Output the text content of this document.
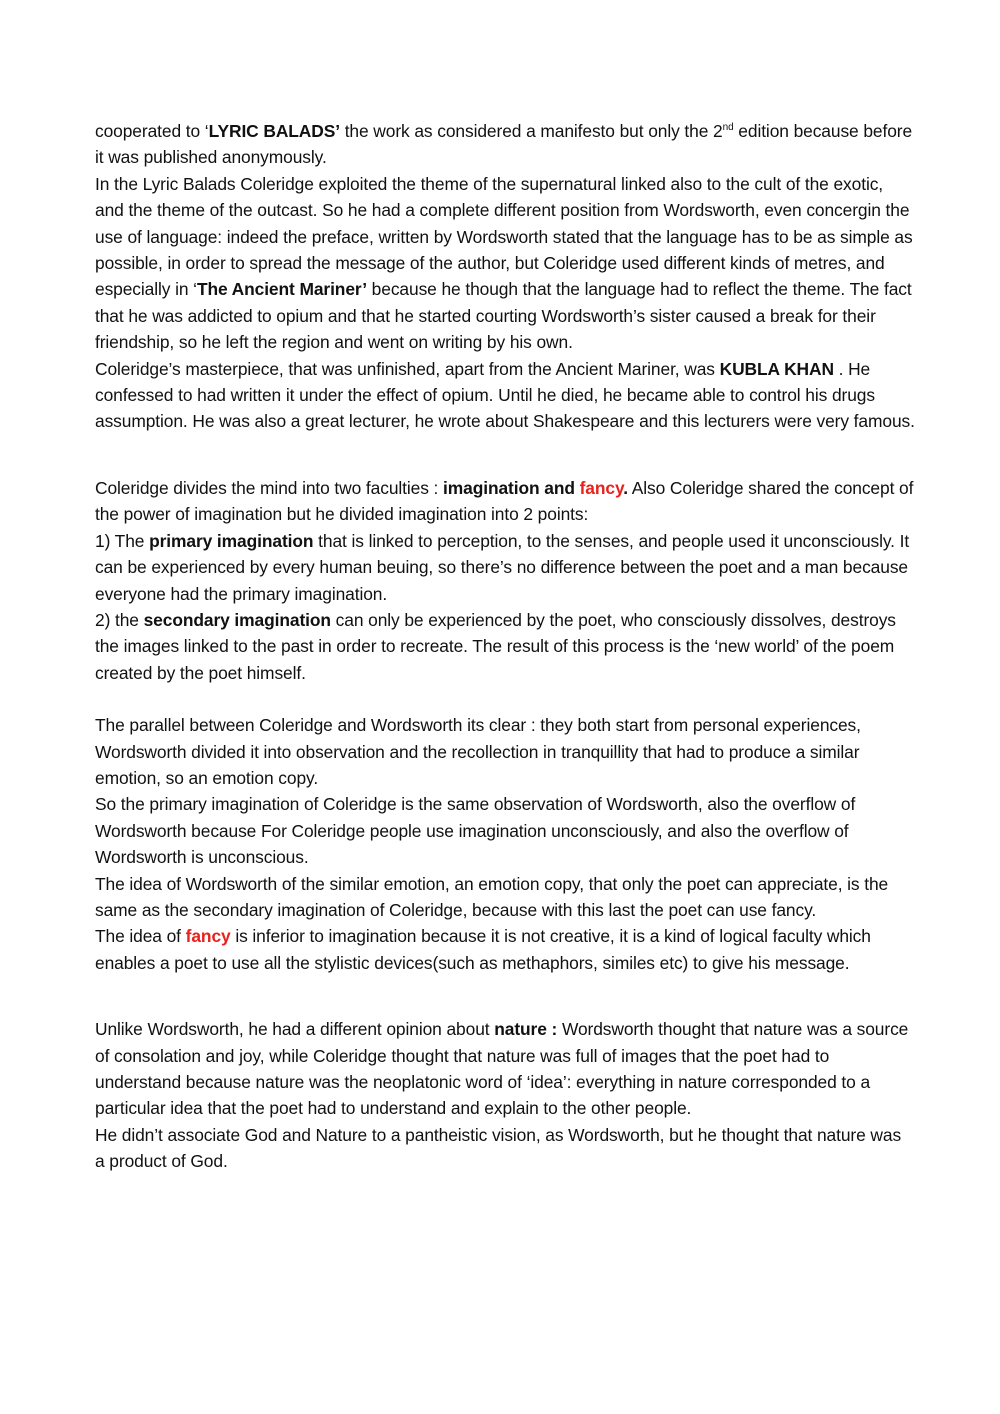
cooperated to ‘LYRIC BALADS’ the work as considered a manifesto but only the 2nd edition because before it was published anonymously.

In the Lyric Balads Coleridge exploited the theme of the supernatural linked also to the cult of the exotic, and the theme of the outcast. So he had a complete different position from Wordsworth, even concergin the use of language: indeed the preface, written by Wordsworth stated that the language has to be as simple as possible, in order to spread the message of the author, but Coleridge used different kinds of metres, and especially in ‘The Ancient Mariner’ because he though that the language had to reflect the theme. The fact that he was addicted to opium and that he started courting Wordsworth’s sister caused a break for their friendship, so he left the region and went on writing by his own.

Coleridge’s masterpiece, that was unfinished, apart from the Ancient Mariner, was KUBLA KHAN . He confessed to had written it under the effect of opium. Until he died, he became able to control his drugs assumption. He was also a great lecturer, he wrote about Shakespeare and this lecturers were very famous.

Coleridge divides the mind into two faculties : imagination and fancy. Also Coleridge shared the concept of the power of imagination but he divided imagination into 2 points:

1) The primary imagination that is linked to perception, to the senses, and people used it unconsciously. It can be experienced by every human beuing, so there’s no difference between the poet and a man because everyone had the primary imagination.

2) the secondary imagination can only be experienced by the poet, who consciously dissolves, destroys the images linked to the past in order to recreate. The result of this process is the ‘new world’ of the poem created by the poet himself.

The parallel between Coleridge and Wordsworth its clear : they both start from personal experiences, Wordsworth divided it into observation and the recollection in tranquillity that had to produce a similar emotion, so an emotion copy.

So the primary imagination of Coleridge is the same observation of Wordsworth, also the overflow of Wordsworth because For Coleridge people use imagination unconsciously, and also the overflow of Wordsworth is unconscious.

The idea of Wordsworth of the similar emotion, an emotion copy, that only the poet can appreciate, is the same as the secondary imagination of Coleridge, because with this last the poet can use fancy.

The idea of fancy is inferior to imagination because it is not creative, it is a kind of logical faculty which enables a poet to use all the stylistic devices(such as methaphors, similes etc) to give his message.

Unlike Wordsworth, he had a different opinion about nature : Wordsworth thought that nature was a source of consolation and joy, while Coleridge thought that nature was full of images that the poet had to understand because nature was the neoplatonic word of ‘idea’: everything in nature corresponded to a particular idea that the poet had to understand and explain to the other people.

He didn’t associate God and Nature to a pantheistic vision, as Wordsworth, but he thought that nature was a product of God.
